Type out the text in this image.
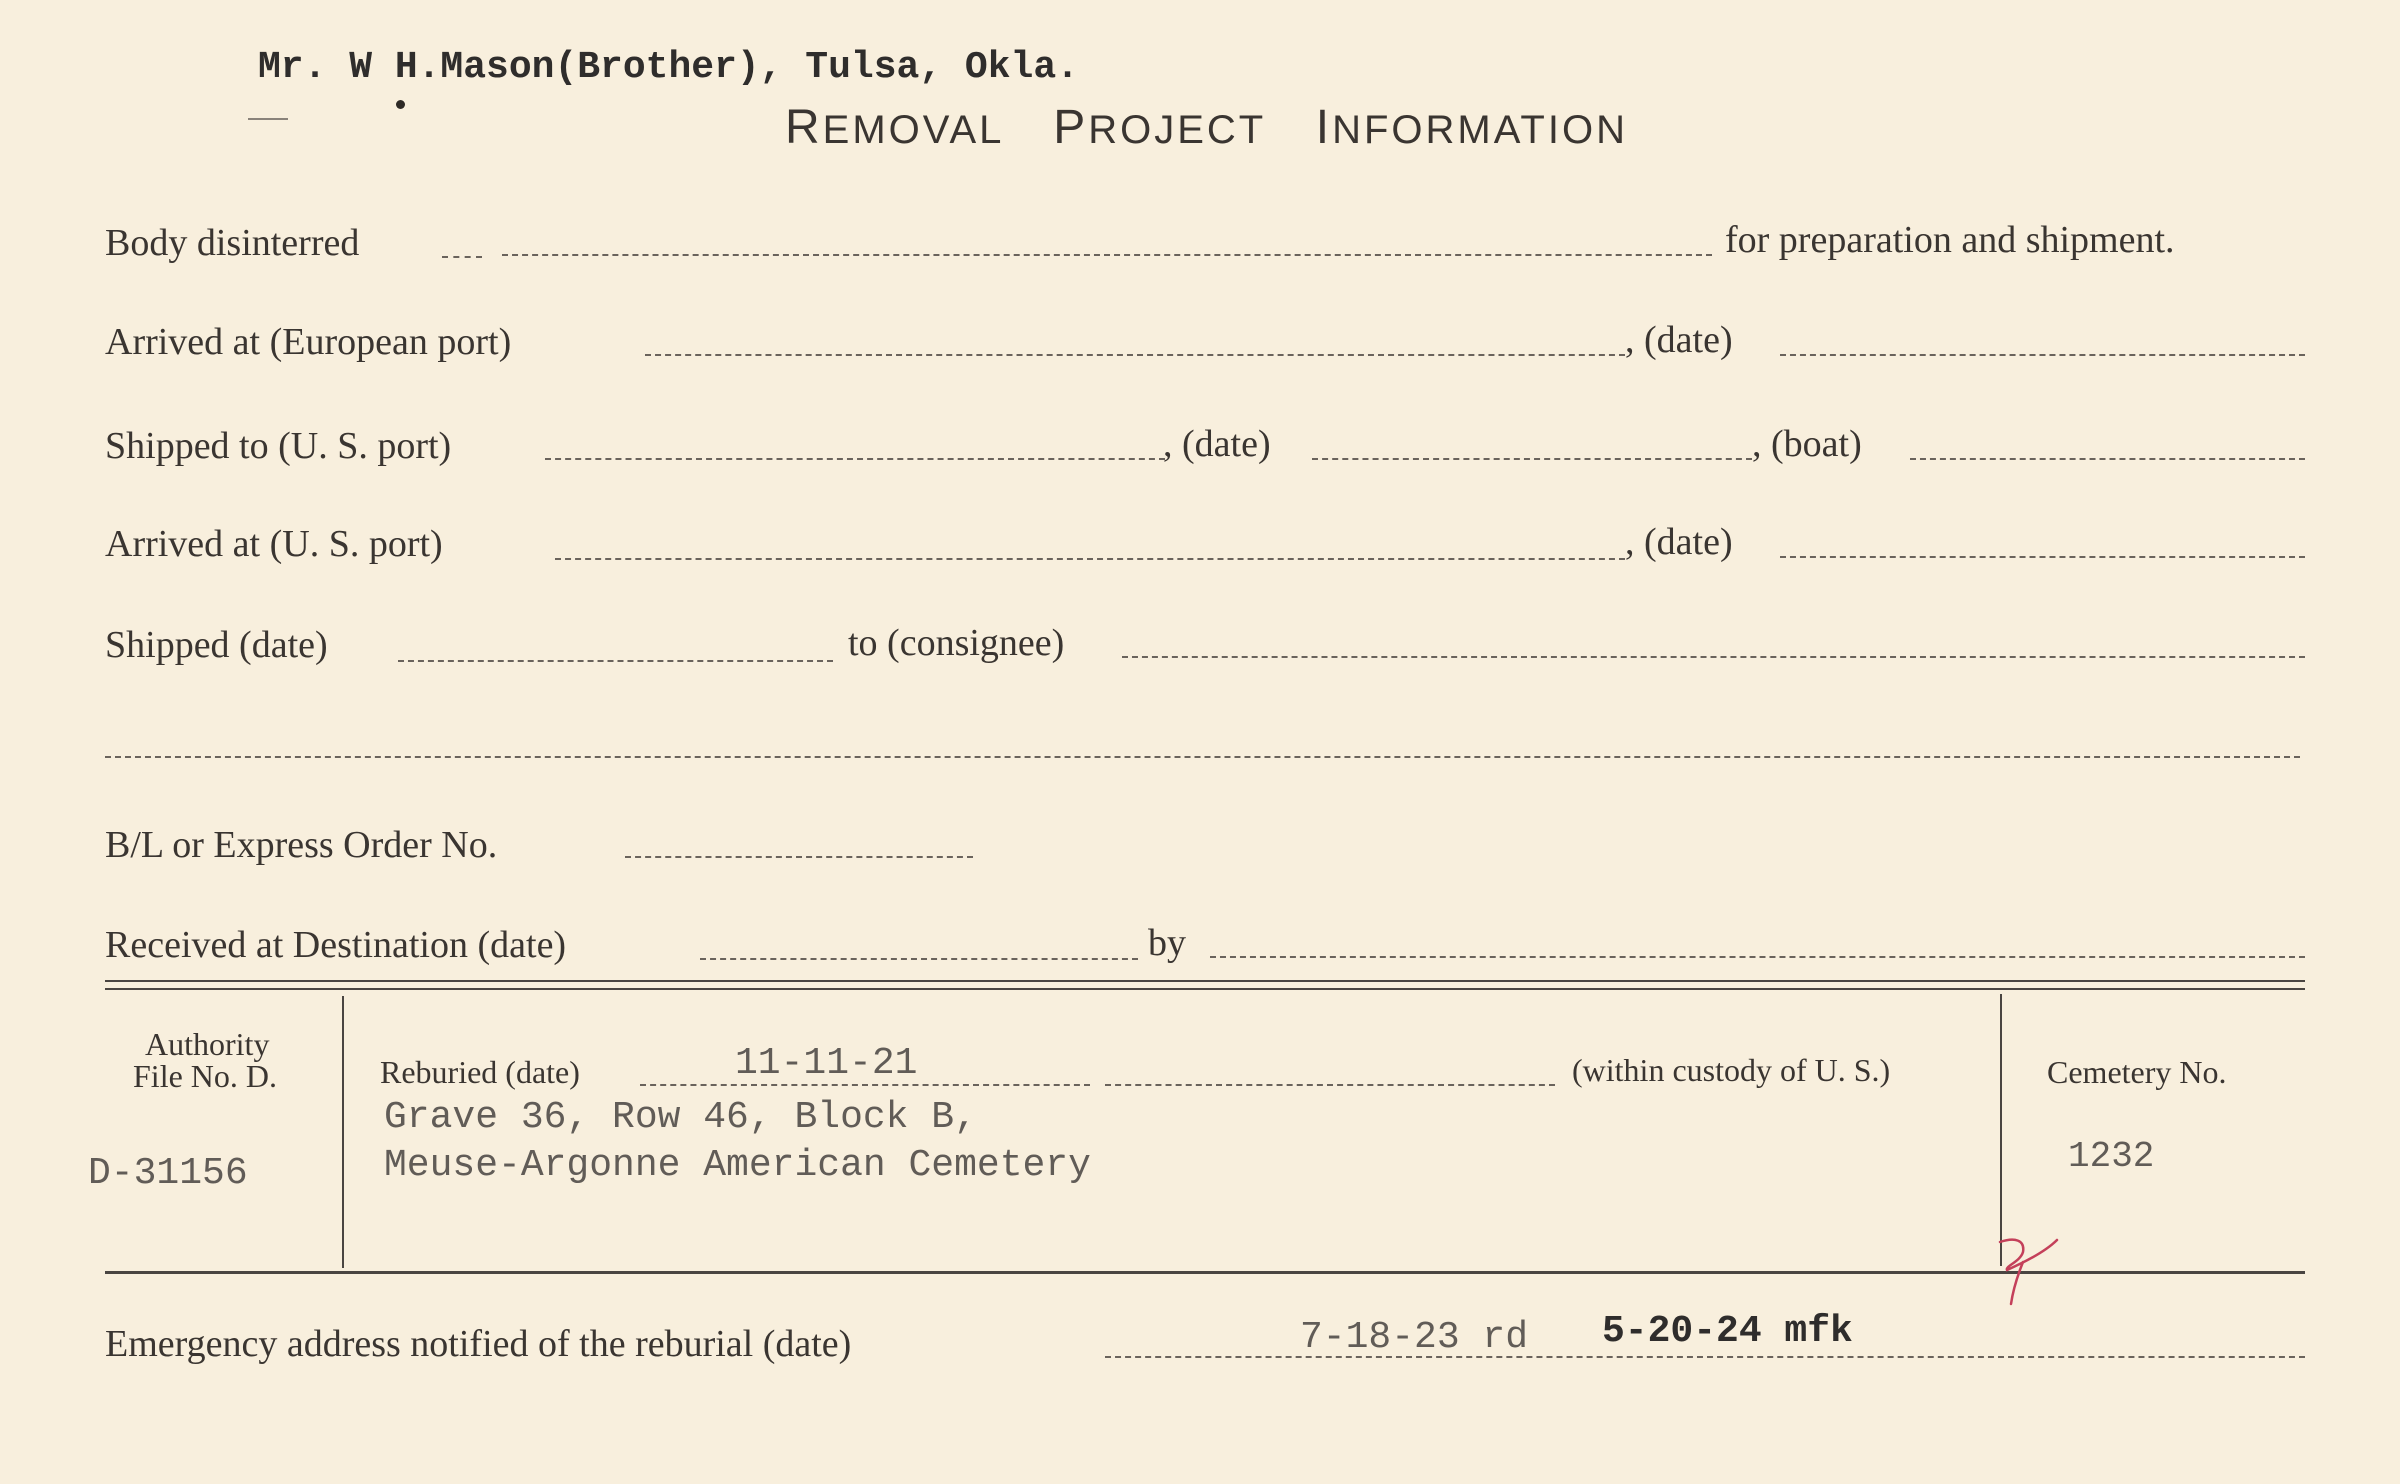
Mr. W H.Mason(Brother), Tulsa, Okla.
REMOVAL PROJECT INFORMATION
Body disinterred	for preparation and shipment.
Arrived at (European port)	, (date)
Shipped to (U. S. port)	, (date)	, (boat)
Arrived at (U. S. port)	, (date)
Shipped (date)	to (consignee)
B/L or Express Order No.
Received at Destination (date)	by
Authority
File No. D.
D-31156
Reburied (date)	11-11-21	(within custody of U. S.)
Grave 36, Row 46, Block B,
Meuse-Argonne American Cemetery
Cemetery No.
1232
Emergency address notified of the reburial (date)	7-18-23 rd 5-20-24 mfk
